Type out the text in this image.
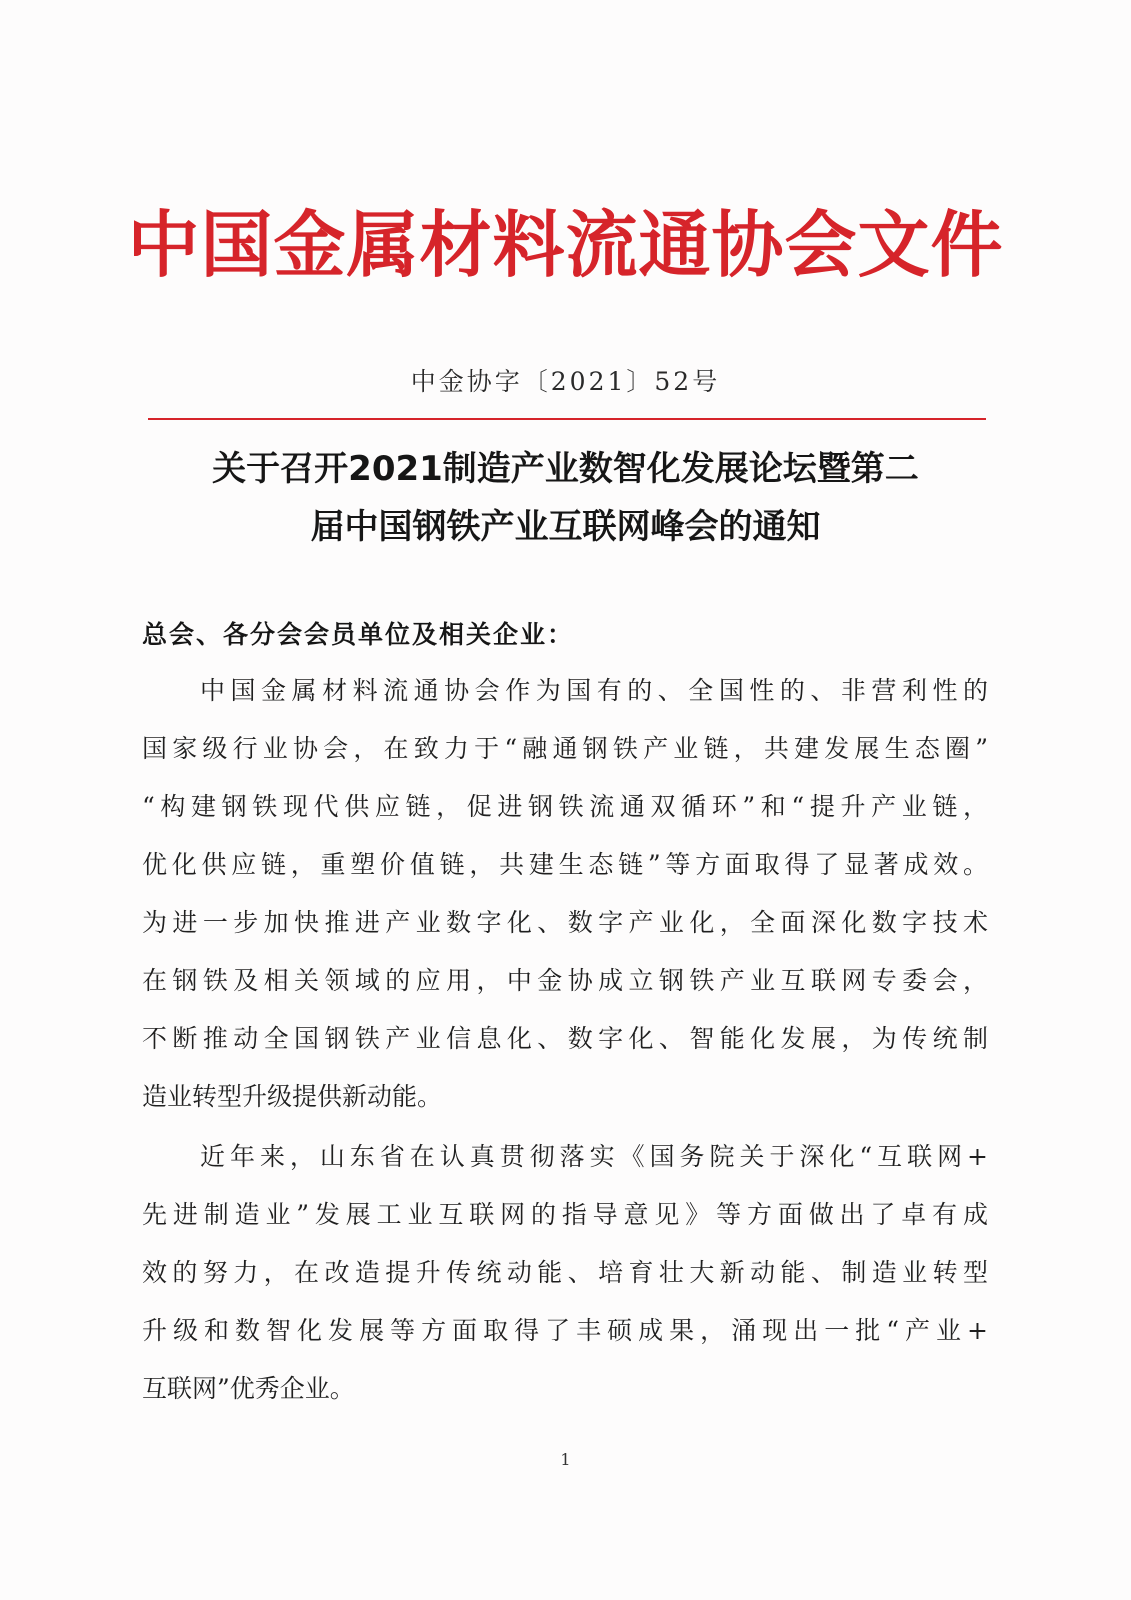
中国金属材料流通协会文件
中金协字〔2021〕52号
关于召开2021制造产业数智化发展论坛暨第二
届中国钢铁产业互联网峰会的通知
总会、各分会会员单位及相关企业：
中国金属材料流通协会作为国有的、全国性的、非营利性的
国家级行业协会，在致力于“融通钢铁产业链，共建发展生态圈”
“构建钢铁现代供应链，促进钢铁流通双循环”和“提升产业链，
优化供应链，重塑价值链，共建生态链”等方面取得了显著成效。
为进一步加快推进产业数字化、数字产业化，全面深化数字技术
在钢铁及相关领域的应用，中金协成立钢铁产业互联网专委会，
不断推动全国钢铁产业信息化、数字化、智能化发展，为传统制
造业转型升级提供新动能。
近年来，山东省在认真贯彻落实《国务院关于深化“互联网+
先进制造业”发展工业互联网的指导意见》等方面做出了卓有成
效的努力，在改造提升传统动能、培育壮大新动能、制造业转型
升级和数智化发展等方面取得了丰硕成果，涌现出一批“产业+
互联网”优秀企业。
1
